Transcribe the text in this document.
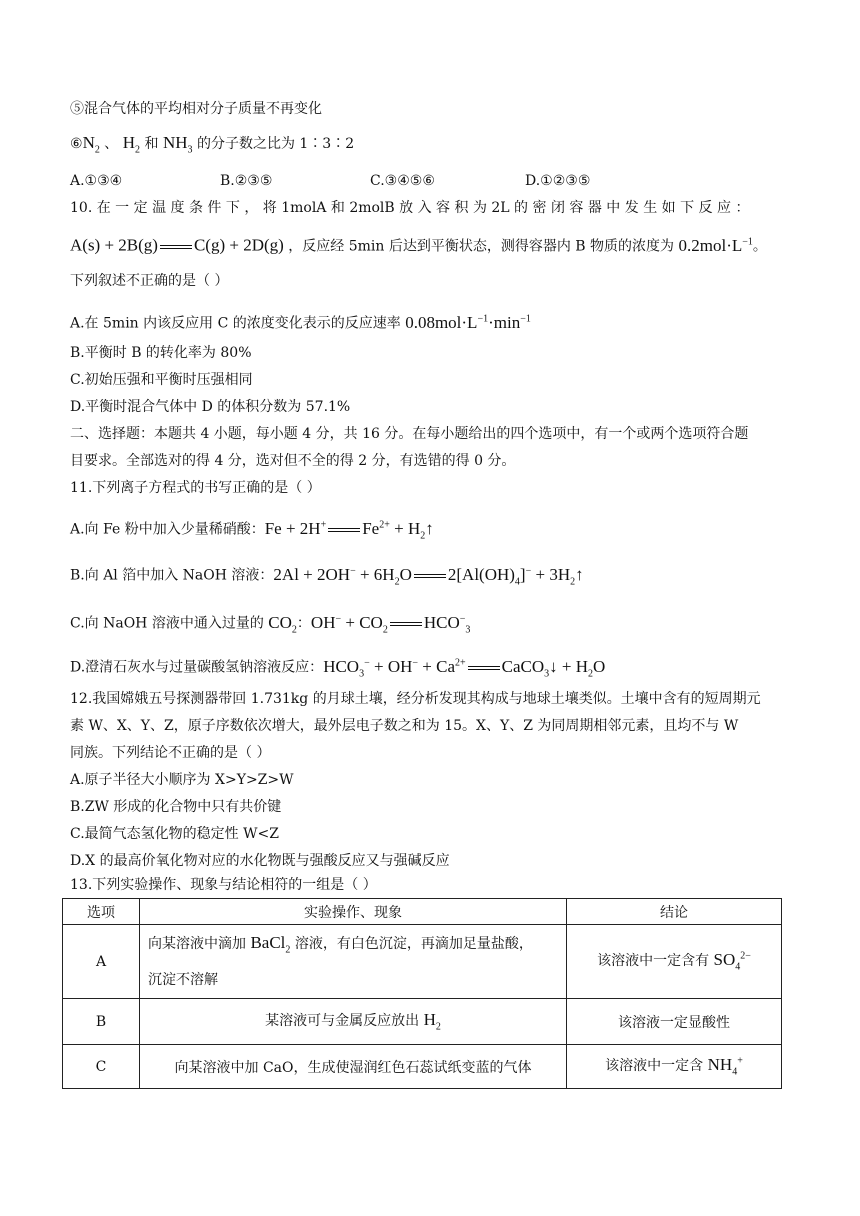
⑤混合气体的平均相对分子质量不再变化
$⑥N_2$ 、 $H_2$ 和 $NH_3$ 的分子数之比为 1∶3∶2
A.①③④	B.②③⑤	C.③④⑤⑥	D.①②③⑤
10. 在 一 定 温 度 条 件 下 ， 将 1molA 和 2molB 放 入 容 积 为 2L 的 密 闭 容 器 中 发 生 如 下 反 应 ：
A(s) + 2B(g) C(g) + 2D(g) ，反应经 5min 后达到平衡状态，测得容器内 B 物质的浓度为 $0.2mol\cdot L^{-1}$。
下列叙述不正确的是（ ）
A.在 5min 内该反应用 C 的浓度变化表示的反应速率 $0.08mol\cdot L^{-1}\cdot\min^{-1}$
B.平衡时 B 的转化率为 80%
C.初始压强和平衡时压强相同
D.平衡时混合气体中 D 的体积分数为 57.1%
二、选择题：本题共 4 小题，每小题 4 分，共 16 分。在每小题给出的四个选项中，有一个或两个选项符合题
目要求。全部选对的得 4 分，选对但不全的得 2 分，有选错的得 0 分。
11.下列离子方程式的书写正确的是（ ）
A.向 Fe 粉中加入少量稀硝酸：Fe + 2H+ $Fe^{2+}$ + $H_2↑$
B.向 Al 箔中加入 NaOH 溶液：$2Al + 2OH^- + 6H_2O$ $2[Al(OH)_4]^-$ + $3H_2↑$
C.向 NaOH 溶液中通入过量的 $CO_2$：$OH^- + CO_2$ $HCO^-_3$
D.澄清石灰水与过量碳酸氢钠溶液反应：$HCO_3^- + OH^- + Ca^{2+}$ CaCO$_3$↓ + $H_2O$
12.我国嫦娥五号探测器带回 1.731kg 的月球土壤，经分析发现其构成与地球土壤类似。土壤中含有的短周期元
素 W、X、Y、Z，原子序数依次增大，最外层电子数之和为 15。X、Y、Z 为同周期相邻元素，且均不与 W
同族。下列结论不正确的是（ ）
A.原子半径大小顺序为 X>Y>Z>W
B.ZW 形成的化合物中只有共价键
C.最简气态氢化物的稳定性 W<Z
D.X 的最高价氧化物对应的水化物既与强酸反应又与强碱反应
13.下列实验操作、现象与结论相符的一组是（ ）
选项	实验操作、现象	结论
A	向某溶液中滴加 BaCl$_2$ 溶液，有白色沉淀，再滴加足量盐酸，
沉淀不溶解	该溶液中一定含有 $SO_4^{2-}$
B	某溶液可与金属反应放出 $H_2$	该溶液一定显酸性
C	向某溶液中加 CaO，生成使湿润红色石蕊试纸变蓝的气体	该溶液中一定含 $NH_4^+$
